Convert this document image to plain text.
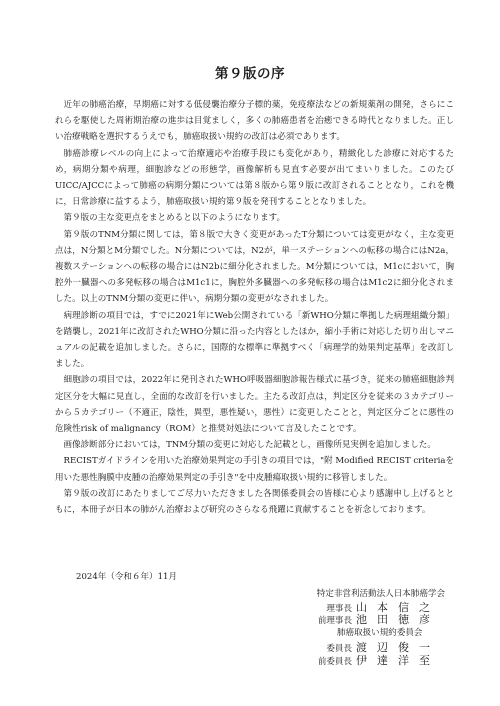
第９版の序

近年の肺癌治療，早期癌に対する低侵襲治療分子標的薬，免疫療法などの新規薬剤の開発，さらにこれらを駆使した周術期治療の進歩は目覚ましく，多くの肺癌患者を治癒できる時代となりました。正しい治療戦略を選択するうえでも，肺癌取扱い規約の改訂は必須であります。

肺癌診療レベルの向上によって治療適応や治療手段にも変化があり，精緻化した診療に対応するため，病期分類や病理，細胞診などの形態学，画像解析も見直す必要が出てまいりました。このたびUICC/AJCCによって肺癌の病期分類については第８版から第９版に改訂されることとなり，これを機に，日常診療に益するよう，肺癌取扱い規約第９版を発刊することとなりました。

第９版の主な変更点をまとめると以下のようになります。

第９版のTNM分類に関しては，第８版で大きく変更があったT分類については変更がなく，主な変更点は，N分類とM分類でした。N分類については，N2が，単一ステーションへの転移の場合にはN2a，複数ステーションへの転移の場合にはN2bに細分化されました。M分類については，M1cにおいて，胸腔外一臓器への多発転移の場合はM1c1に，胸腔外多臓器への多発転移の場合はM1c2に細分化されました。以上のTNM分類の変更に伴い，病期分類の変更がなされました。

病理診断の項目では，すでに2021年にWeb公開されている「新WHO分類に準拠した病理組織分類」を踏襲し，2021年に改訂されたWHO分類に沿った内容としたほか，縮小手術に対応した切り出しマニュアルの記載を追加しました。さらに，国際的な標準に準拠すべく「病理学的効果判定基準」を改訂しました。

細胞診の項目では，2022年に発刊されたWHO呼吸器細胞診報告様式に基づき，従来の肺癌細胞診判定区分を大幅に見直し，全面的な改訂を行いました。主たる改訂点は，判定区分を従来の３カテゴリーから５カテゴリー（不適正，陰性，異型，悪性疑い，悪性）に変更したことと，判定区分ごとに悪性の危険性risk of malignancy（ROM）と推奨対処法について言及したことです。

画像診断部分においては，TNM分類の変更に対応した記載とし，画像所見実例を追加しました。

RECISTガイドラインを用いた治療効果判定の手引きの項目では，"附 Modified RECIST criteriaを用いた悪性胸膜中皮腫の治療効果判定の手引き"を中皮腫瘍取扱い規約に移管しました。

第９版の改訂にあたりましてご尽力いただきました各関係委員会の皆様に心より感謝申し上げるとともに，本冊子が日本の肺がん治療および研究のさらなる飛躍に貢献することを祈念しております。

2024年（令和６年）11月
特定非営利活動法人日本肺癌学会
理事長 山本信之
前理事長 池田徳彦
肺癌取扱い規約委員会
委員長 渡辺俊一
前委員長 伊達洋至
